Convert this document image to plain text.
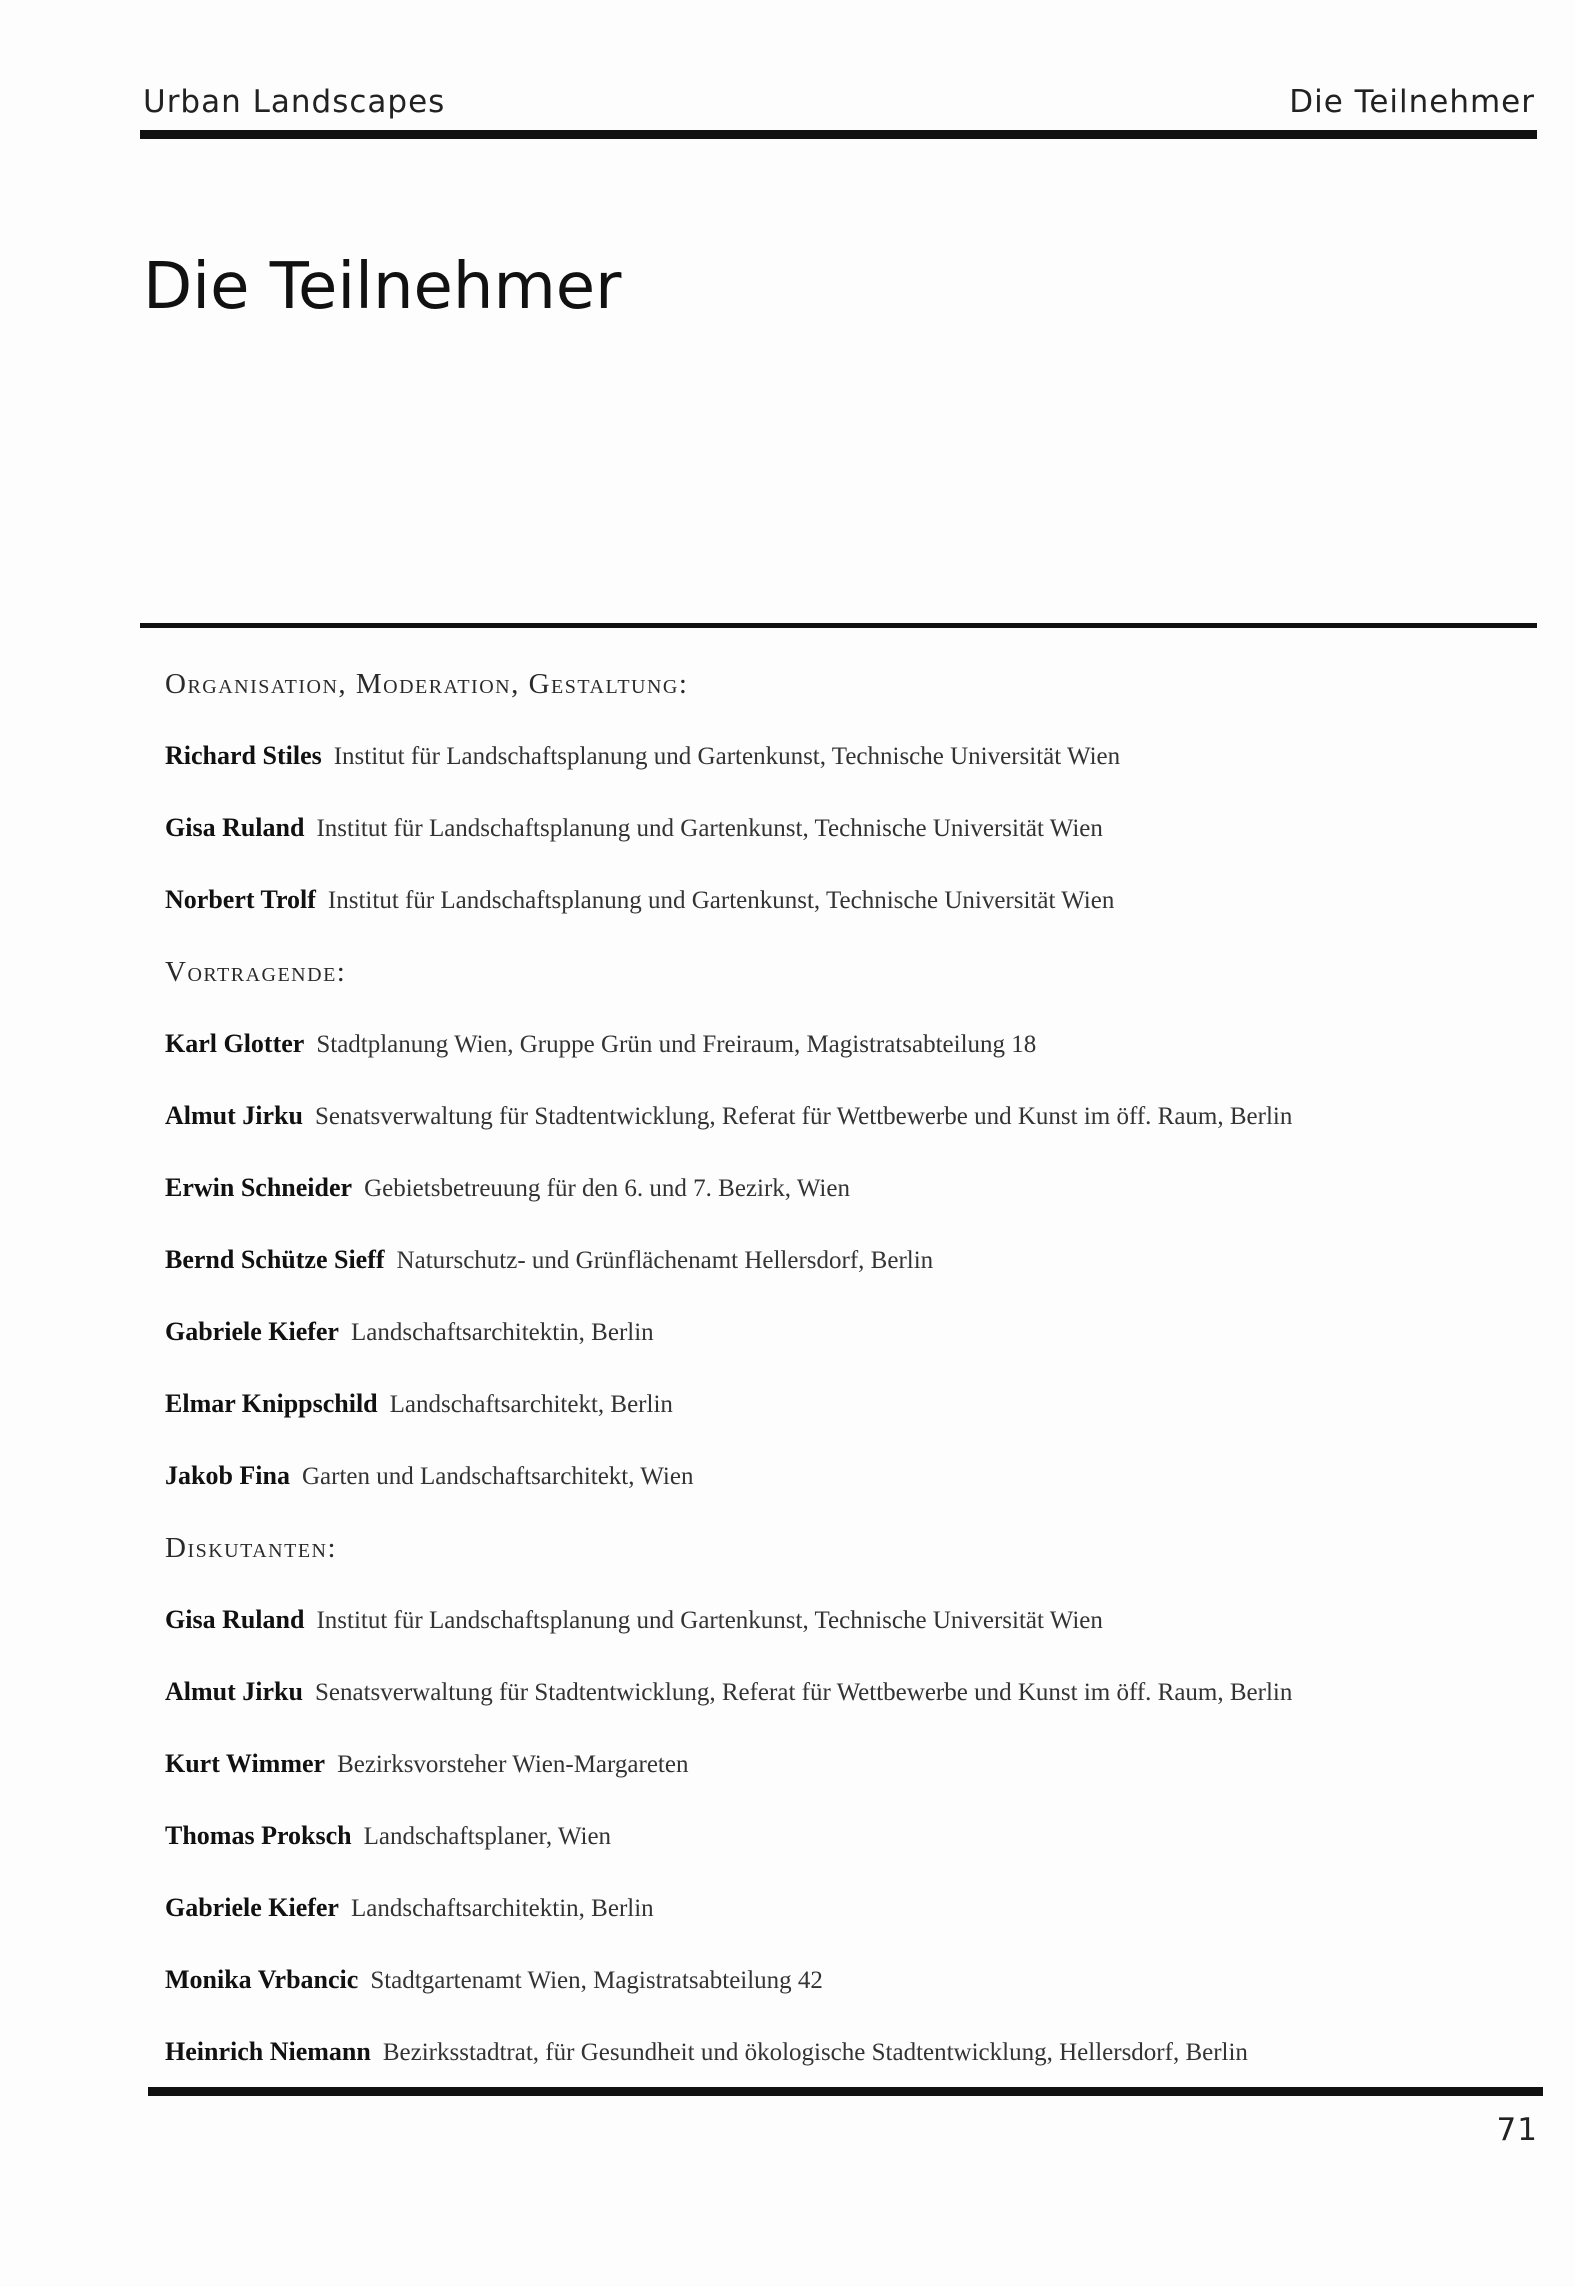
Urban Landscapes	Die Teilnehmer
Die Teilnehmer
Organisation, Moderation, Gestaltung:
Richard Stiles Institut für Landschaftsplanung und Gartenkunst, Technische Universität Wien
Gisa Ruland Institut für Landschaftsplanung und Gartenkunst, Technische Universität Wien
Norbert Trolf Institut für Landschaftsplanung und Gartenkunst, Technische Universität Wien
Vortragende:
Karl Glotter Stadtplanung Wien, Gruppe Grün und Freiraum, Magistratsabteilung 18
Almut Jirku Senatsverwaltung für Stadtentwicklung, Referat für Wettbewerbe und Kunst im öff. Raum, Berlin
Erwin Schneider Gebietsbetreuung für den 6. und 7. Bezirk, Wien
Bernd Schütze Sieff Naturschutz- und Grünflächenamt Hellersdorf, Berlin
Gabriele Kiefer Landschaftsarchitektin, Berlin
Elmar Knippschild Landschaftsarchitekt, Berlin
Jakob Fina Garten und Landschaftsarchitekt, Wien
Diskutanten:
Gisa Ruland Institut für Landschaftsplanung und Gartenkunst, Technische Universität Wien
Almut Jirku Senatsverwaltung für Stadtentwicklung, Referat für Wettbewerbe und Kunst im öff. Raum, Berlin
Kurt Wimmer Bezirksvorsteher Wien-Margareten
Thomas Proksch Landschaftsplaner, Wien
Gabriele Kiefer Landschaftsarchitektin, Berlin
Monika Vrbancic Stadtgartenamt Wien, Magistratsabteilung 42
Heinrich Niemann Bezirksstadtrat, für Gesundheit und ökologische Stadtentwicklung, Hellersdorf, Berlin
71
